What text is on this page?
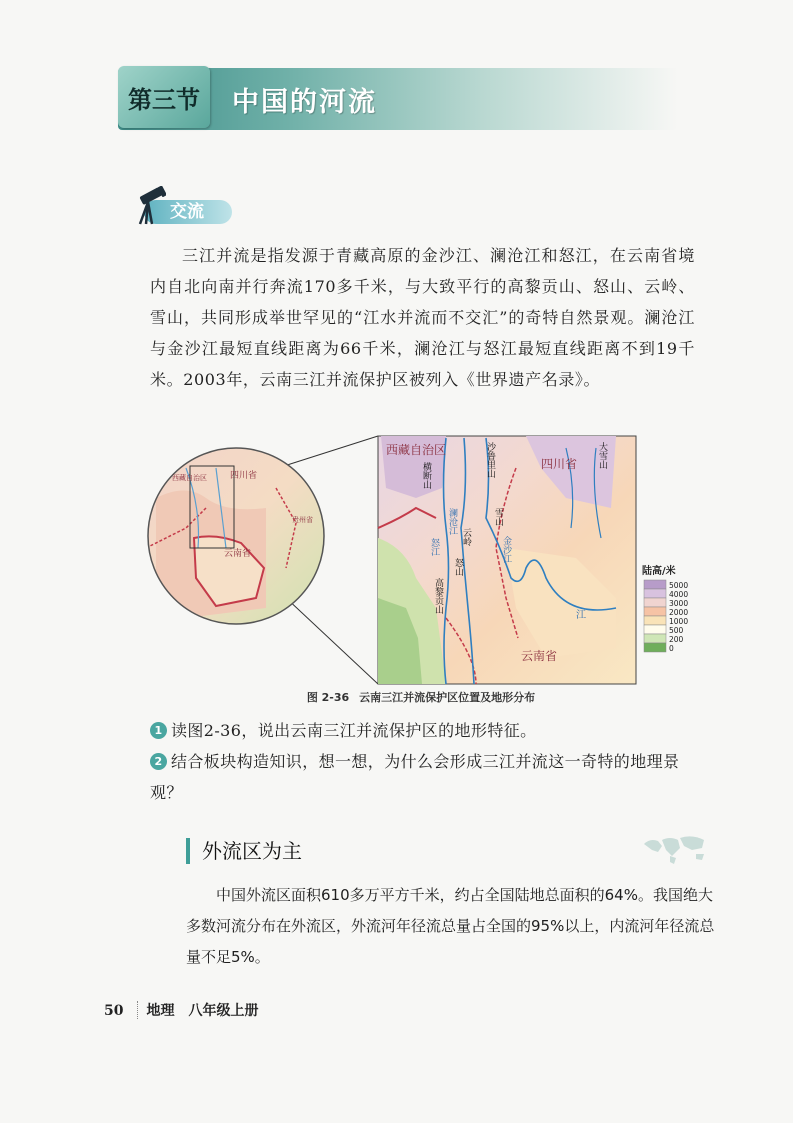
第三节	中国的河流
交流

三江并流是指发源于青藏高原的金沙江、澜沧江和怒江，在云南省境内自北向南并行奔流170多千米，与大致平行的高黎贡山、怒山、云岭、雪山，共同形成举世罕见的“江水并流而不交汇”的奇特自然景观。澜沧江与金沙江最短直线距离为66千米，澜沧江与怒江最短直线距离不到19千米。2003年，云南三江并流保护区被列入《世界遗产名录》。

西藏自治区	四川省
贵州省
云南省
西藏自治区
四川省
云南省
澜沧江
怒江	金沙江
江
横断山	沙鲁里山	大雪山
云岭
怒山
高黎贡山
雪山
陆高/米
5000
4000
3000
2000
1000
500
200
0
图 2-36 云南三江并流保护区位置及地形分布
1 读图2-36，说出云南三江并流保护区的地形特征。
2 结合板块构造知识，想一想，为什么会形成三江并流这一奇特的地理景观？
外流区为主

中国外流区面积610多万平方千米，约占全国陆地总面积的64%。我国绝大多数河流分布在外流区，外流河年径流总量占全国的95%以上，内流河年径流总量不足5%。

50 地理　八年级上册
